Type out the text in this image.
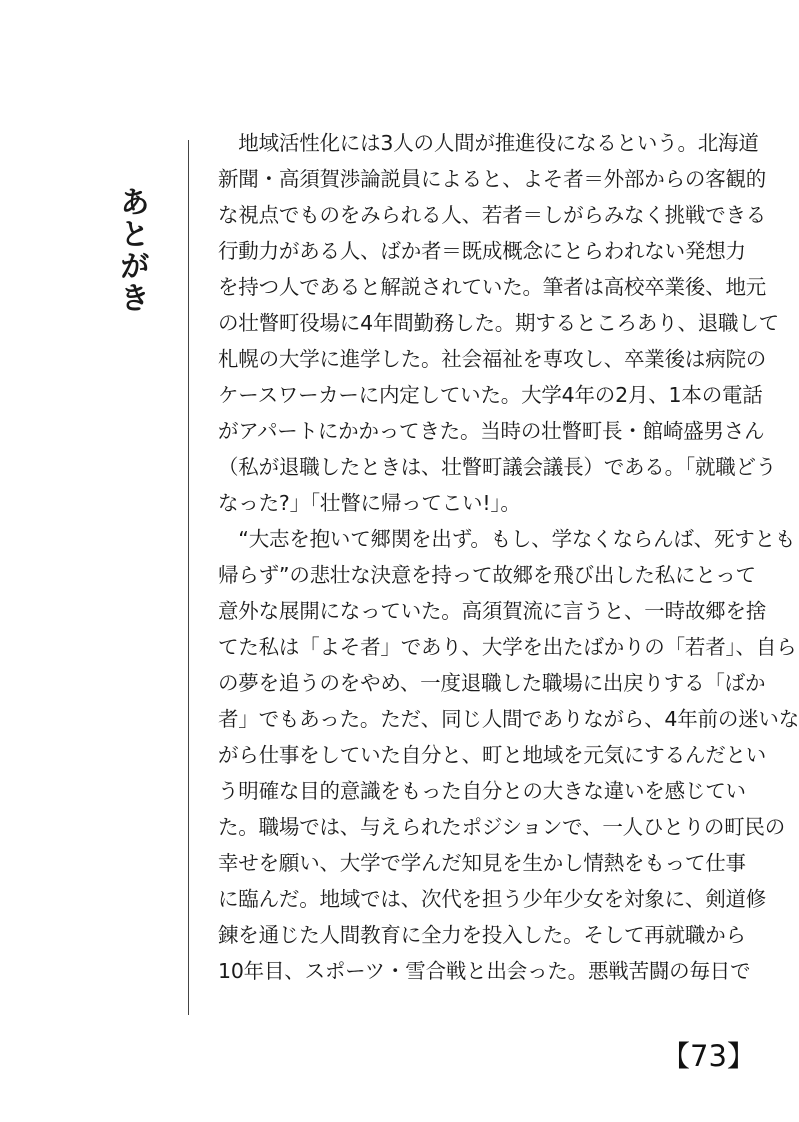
あとがき
　地域活性化には3人の人間が推進役になるという。北海道
新聞・高須賀渉論説員によると、よそ者＝外部からの客観的
な視点でものをみられる人、若者＝しがらみなく挑戦できる
行動力がある人、ばか者＝既成概念にとらわれない発想力
を持つ人であると解説されていた。筆者は高校卒業後、地元
の壮瞥町役場に4年間勤務した。期するところあり、退職して
札幌の大学に進学した。社会福祉を専攻し、卒業後は病院の
ケースワーカーに内定していた。大学4年の2月、1本の電話
がアパートにかかってきた。当時の壮瞥町長・館崎盛男さん
（私が退職したときは、壮瞥町議会議長）である。「就職どう
なった?」「壮瞥に帰ってこい!」。
　“大志を抱いて郷関を出ず。もし、学なくならんば、死すとも
帰らず”の悲壮な決意を持って故郷を飛び出した私にとって
意外な展開になっていた。高須賀流に言うと、一時故郷を捨
てた私は「よそ者」であり、大学を出たばかりの「若者」、自ら
の夢を追うのをやめ、一度退職した職場に出戻りする「ばか
者」でもあった。ただ、同じ人間でありながら、4年前の迷いな
がら仕事をしていた自分と、町と地域を元気にするんだとい
う明確な目的意識をもった自分との大きな違いを感じてい
た。職場では、与えられたポジションで、一人ひとりの町民の
幸せを願い、大学で学んだ知見を生かし情熱をもって仕事
に臨んだ。地域では、次代を担う少年少女を対象に、剣道修
錬を通じた人間教育に全力を投入した。そして再就職から
10年目、スポーツ・雪合戦と出会った。悪戦苦闘の毎日で
【73】
